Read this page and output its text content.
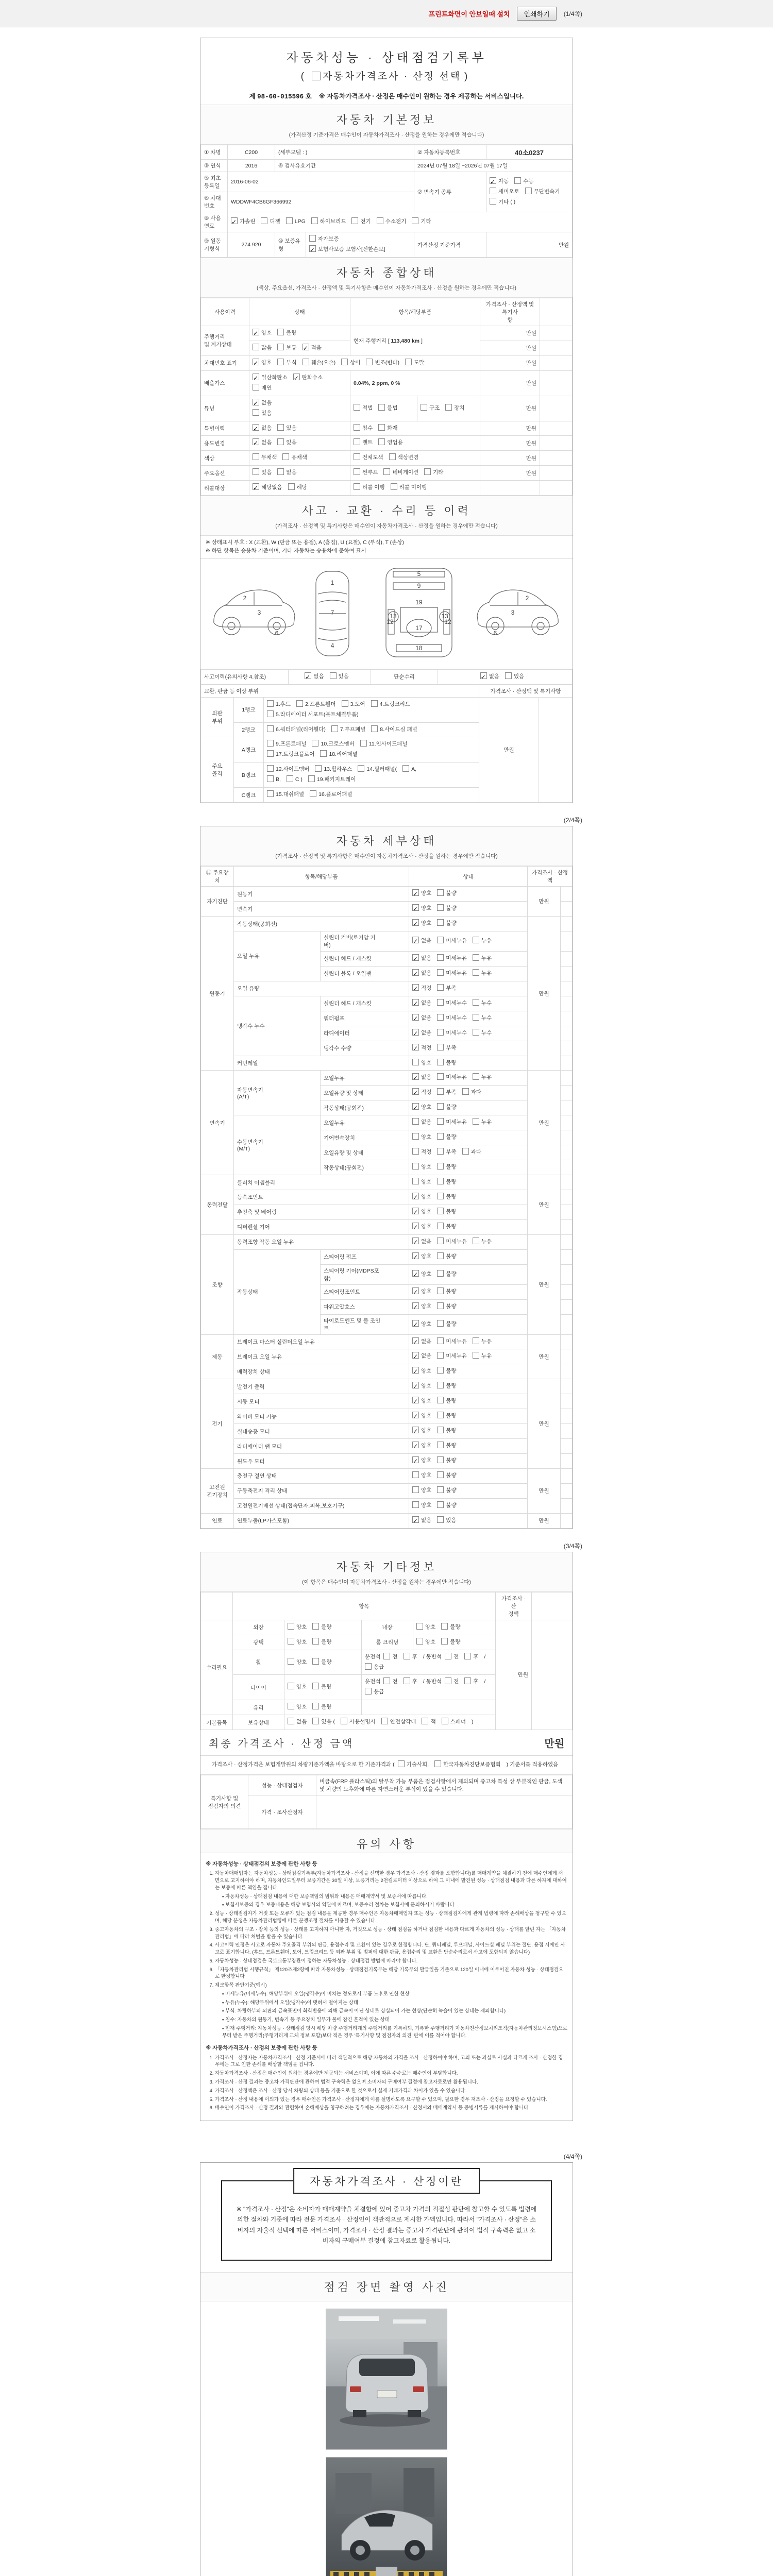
프린트화면이 안보일때 설치	인쇄하기	(1/4쪽)
자동차성능 · 상태점검기록부
( 자동차가격조사 · 산정 선택 )
제 98-60-015596 호 ※ 자동차가격조사 · 산정은 매수인이 원하는 경우 제공하는 서비스입니다.
자동차 기본정보
(가격산정 기준가격은 매수인이 자동차가격조사 · 산정을 원하는 경우에만 적습니다)
① 차명	C200	(세부모델 : )		② 자동차등록번호	40소0237
③ 연식	2016	④ 검사유효기간		2024년 07월 18일 ~2026년 07월 17일	
⑤ 최초등록일	2016-06-02			⑦ 변속기 종류	✓자동 수동세미오토 무단변속기
기타 ( )
⑥ 차대번호	WDDWF4CB6GF366992				
⑧ 사용연료	✓가솔린 디젤 LPG 하이브리드 전기 수소전기 기타
⑨ 원동기형식	274 920	⑩ 보증유형	자가보증✓보험사보증 보험사[신한손보]	가격산정 기준가격	만원
자동차 종합상태
(색상, 주요옵션, 가격조사 · 산정액 및 특기사항은 매수인이 자동차가격조사 · 산정을 원하는 경우에만 적습니다)
사용이력	상태	항목/해당부품		가격조사 · 산정액 및 특기사
항	
주행거리
및 계기상태	✓양호 불량	현재 주행거리 [ 113,480 km ]		만원	
	많음 보통 ✓ 적음			만원	
차대번호 표기	✓양호 부식 훼손(오손) 상이 변조(변타) 도말			만원	
배출가스	✓일산화탄소 ✓ 탄화수소
매연	0.04%, 2 ppm, 0 %		만원	
튜닝	✓없음
있음	적법 불법	구조 장치	만원	
특별이력	✓없음 있음	침수 화재		만원	
용도변경	✓없음 있음	렌트 영업용		만원	
색상	무채색 유채색	전체도색 색상변경		만원	
주요옵션	있음 없음	썬루프 네비게이션 기타		만원	
리콜대상	✓해당없음 해당	리콜 이행 리콜 미이행			
사고 · 교환 · 수리 등 이력
(가격조사 · 산정액 및 특기사항은 매수인이 자동차가격조사 · 산정을 원하는 경우에만 적습니다)
※ 상태표시 부호 : X (교환), W (판금 또는 용접), A (흠집), U (요철), C (부식), T (손상)
※ 하단 항목은 승용차 기준이며, 기타 자동차는 승용차에 준하여 표시
2
3
6
1
7
4
5
9
19
13	13
12	12
17
18
6
3
2
사고이력(유의사항 4.참조)	✓없음	있음	단순수리	✓없음	있음
교환, 판금 등 이상 부위			가격조사 · 산정액 및 특기사항	
외판
부위	1랭크	1.후드 2.프론트휀더 3.도어 4.트렁크리드
5.라디에이터 서포트(볼트체결부품)	만원	
	2랭크	6.쿼터패널(리어휀다) 7.루프패널 8.사이드실 패널		
주요
골격	A랭크	9.프론트패널 10.크로스멤버 11.인사이드패널
17.트렁크플로어 18.리어패널		
	B랭크	12.사이드멤버 13.휠하우스 14.필러패널( A,
B, C ) 19.패키지트레이		
	C랭크	15.대쉬패널 16.플로어패널		
(2/4쪽)
자동차 세부상태
(가격조사 · 산정액 및 특기사항은 매수인이 자동차가격조사 · 산정을 원하는 경우에만 적습니다)
⑮ 주요장치	항목/해당부품		상태	가격조사 · 산정액	
자기진단	원동기	✓양호 불량	만원	
	변속기	✓양호 불량	
원동기	작동상태(공회전)	✓양호 불량	만원	
	오일 누유	실린더 커버(로커암 커
버)	✓없음 미세누유 누유	
		실린더 헤드 / 개스킷	✓없음 미세누유 누유	
		실린더 블록 / 오일팬	✓없음 미세누유 누유	
	오일 유량	✓적정 부족	
	냉각수 누수	실린더 헤드 / 개스킷	✓없음 미세누수 누수	
		워터펌프	✓없음 미세누수 누수	
		라디에이터	✓없음 미세누수 누수	
		냉각수 수량	✓적정 부족	
	커먼레일		양호 불량		
변속기	자동변속기
(A/T)	오일누유	✓없음 미세누유 누유	만원	
		오일유량 및 상태	✓적정 부족 과다	
		작동상태(공회전)	✓양호 불량	
	수동변속기
(M/T)	오일누유	없음 미세누유 누유		
		기어변속장치	양호 불량		
		오일유량 및 상태	적정 부족 과다		
		작동상태(공회전)	양호 불량		
동력전달	클러치 어셈블리		양호 불량	만원	
	등속조인트	✓양호 불량	
	추진축 및 베어링	✓양호 불량	
	디퍼렌셜 기어	✓양호 불량	
조향	동력조향 작동 오일 누유	✓없음 미세누유 누유	만원	
	작동상태	스티어링 펌프	✓양호 불량	
		스티어링 기어(MDPS포
함)	✓양호 불량	
		스티어링조인트	✓양호 불량	
		파워고압호스	✓양호 불량	
		타이로드엔드 및 볼 조인
트	✓양호 불량	
제동	브레이크 마스터 실린더오일 누유	✓없음 미세누유 누유	만원	
	브레이크 오일 누유	✓없음 미세누유 누유	
	배력장치 상태	✓양호 불량	
전기	발전기 출력	✓양호 불량	만원	
	시동 모터	✓양호 불량	
	와이퍼 모터 기능	✓양호 불량	
	실내송풍 모터	✓양호 불량	
	라디에이터 팬 모터	✓양호 불량	
	윈도우 모터	✓양호 불량	
고전원
전기장치	충전구 절연 상태		양호 불량	만원	
	구동축전지 격리 상태		양호 불량		
	고전원전기배선 상태(접속단자,피복,보호기구)		양호 불량		
연료	연료누출(LP가스포함)	✓없음 있음	만원	
(3/4쪽)
자동차 기타정보
(이 항목은 매수인이 자동차가격조사 · 산정을 원하는 경우에만 적습니다)
	항목				가격조사 · 산
정액	
수리필요	외장	양호 불량	내장	양호 불량	만원	
	광택	양호 불량	룸 크리닝	양호 불량		
	휠	양호 불량	운전석 전 후 / 동반석 전 후 /응급			
	타이어	양호 불량	운전석 전 후 / 동반석 전 후 /응급			
	유리	양호 불량				
기본품목	보유상태	없음 있음 ( 사용설명서 안전삼각대 잭 스패너 )				
최종 가격조사 · 산정 금액	만원
가격조사 · 산정가격은 보험개발원의 차량기준가액을 바탕으로 한 기준가격과 ( 기술사회,	한국자동차진단보증협회 ) 기준서를 적용하였음
특기사항 및
점검자의 의견	성능 · 상태점검자	비금속(FRP 플라스틱)의 탈부착 가능 부품은 점검사항에서 제외되며 중고차 특성 상 부분적인 판금, 도색 및 차량의 노후화에 따른 자연스러운 부식이 있을 수 있습니다.
	가격 · 조사산정자	
유의 사항
※ 자동차성능 · 상태점검의 보증에 관한 사항 등
1. 자동차매매업자는 자동차성능 · 상태점검기록부(자동차가격조사 · 산정을 선택한 경우 가격조사 · 산정 결과를 포함합니다)를 매매계약을 체결하기 전에 매수인에게 서면으로 고지하여야 하며, 자동차인도일부터 보증기간은 30일 이상, 보증거리는 2천킬로미터 이상으로 하여 그 이내에 발견된 성능 · 상태점검 내용과 다른 하자에 대하여는 보증에 따른 책임을 집니다.
▪ 자동차성능 · 상태점검 내용에 대한 보증책임의 범위와 내용은 매매계약서 및 보증서에 따릅니다.
▪ 보험사보증의 경우 보증내용은 해당 보험사의 약관에 따르며, 보증수리 절차는 보험사에 문의하시기 바랍니다.
2. 성능 · 상태점검자가 거짓 또는 오류가 있는 점검 내용을 제공한 경우 매수인은 자동차매매업자 또는 성능 · 상태점검자에게 관계 법령에 따라 손해배상을 청구할 수 있으며, 해당 분쟁은 자동차관리법령에 따른 분쟁조정 절차를 이용할 수 있습니다.
3. 중고자동차의 구조 · 장치 등의 성능 · 상태를 고지하지 아니한 자, 거짓으로 성능 · 상태 점검을 하거나 점검한 내용과 다르게 자동차의 성능 · 상태를 알린 자는 「자동차관리법」에 따라 처벌을 받을 수 있습니다.
4. 사고이력 인정은 사고로 자동차 주요골격 부위의 판금, 용접수리 및 교환이 있는 경우로 한정합니다. 단, 쿼터패널, 루프패널, 사이드실 패널 부위는 절단, 용접 시에만 사고로 표기합니다. (후드, 프론트휀더, 도어, 트렁크리드 등 외판 부위 및 범퍼에 대한 판금, 용접수리 및 교환은 단순수리로서 사고에 포함되지 않습니다)
5. 자동차성능 · 상태점검은 국토교통부장관이 정하는 자동차성능 · 상태점검 방법에 따라야 합니다.
6. 「자동차관리법 시행규칙」 제120조제2항에 따라 자동차성능 · 상태점검기록부는 해당 기록부의 발급일을 기준으로 120일 이내에 이루어진 자동차 성능 · 상태점검으로 한정합니다
7. 체크항목 판단기준(예시)
▪ 미세누유(미세누수): 해당부위에 오일(냉각수)이 비치는 정도로서 부품 노후로 인한 현상
▪ 누유(누수): 해당부위에서 오일(냉각수)이 맺혀서 떨어지는 상태
▪ 부식: 차량하부와 외판의 금속표면이 화학반응에 의해 금속이 아닌 상태로 상실되어 가는 현상(단순히 녹슬어 있는 상태는 제외합니다)
▪ 침수: 자동차의 원동기, 변속기 등 주요장치 일부가 물에 잠긴 흔적이 있는 상태
▪ 현재 주행거리: 자동차성능 · 상태점검 당시 해당 차량 주행거리계의 주행거리를 기록하되, 기록한 주행거리가 자동차전산정보처리조직(자동차관리정보시스템)으로부터 받은 주행거리(주행거리계 교체 정보 포함)보다 적은 경우 '특기사항 및 점검자의 의견' 란에 이를 적어야 합니다.
※ 자동차가격조사 · 산정의 보증에 관한 사항 등
1. 가격조사 · 산정자는 자동차가격조사 · 산정 기준서에 따라 객관적으로 해당 자동차의 가격을 조사 · 산정하여야 하며, 고의 또는 과실로 사실과 다르게 조사 · 산정한 경우에는 그로 인한 손해를 배상할 책임을 집니다.
2. 자동차가격조사 · 산정은 매수인이 원하는 경우에만 제공되는 서비스이며, 이에 따른 수수료는 매수인이 부담합니다.
3. 가격조사 · 산정 결과는 중고차 가격판단에 관하여 법적 구속력은 없으며 소비자의 구매여부 결정에 참고자료로만 활용됩니다.
4. 가격조사 · 산정액은 조사 · 산정 당시 차량의 상태 등을 기준으로 한 것으로서 실제 거래가격과 차이가 있을 수 있습니다.
5. 가격조사 · 산정 내용에 이의가 있는 경우 매수인은 가격조사 · 산정자에게 이를 설명하도록 요구할 수 있으며, 필요한 경우 재조사 · 산정을 요청할 수 있습니다.
6. 매수인이 가격조사 · 산정 결과와 관련하여 손해배상을 청구하려는 경우에는 자동차가격조사 · 산정서와 매매계약서 등 증빙서류를 제시하여야 합니다.
(4/4쪽)
자동차가격조사 · 산정이란
※ "가격조사 · 산정"은 소비자가 매매계약을 체결함에 있어 중고차 가격의 적절성 판단에 참고할 수 있도록 법령에 의한 절차와 기준에 따라 전문 가격조사 · 산정인이 객관적으로 제시한 가액입니다. 따라서 "가격조사 · 산정"은 소비자의 자율적 선택에 따른 서비스이며, 가격조사 · 산정 결과는 중고차 가격판단에 관하여 법적 구속력은 없고 소비자의 구매여부 결정에 참고자료로 활용됩니다.
점검 장면 촬영 사진
